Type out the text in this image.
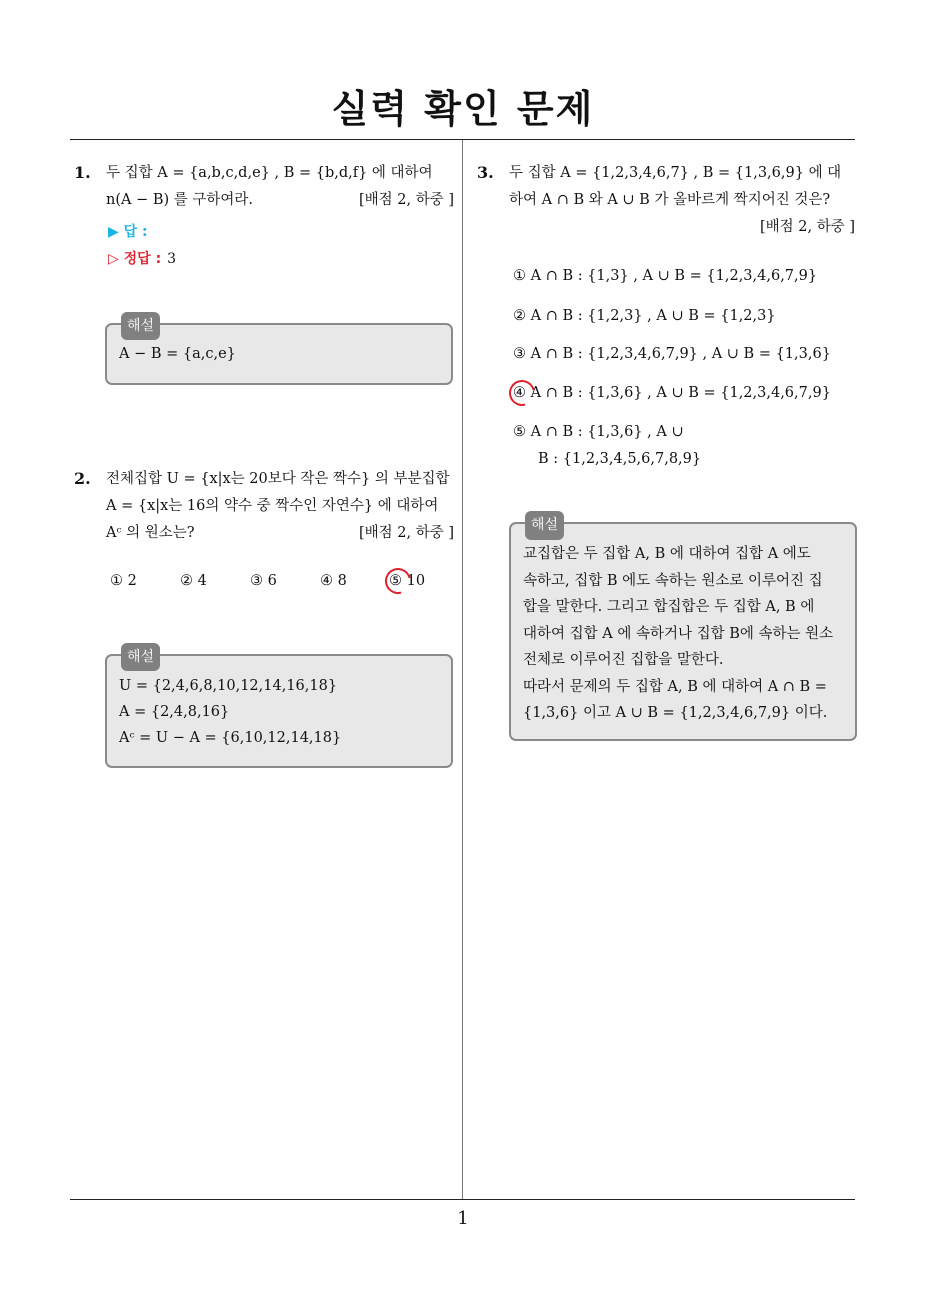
실력 확인 문제
1
1. 두 집합 A = {a,b,c,d,e} , B = {b,d,f} 에 대하여
n(A − B) 를 구하여라.	[배점 2, 하중 ]
▶ 답 :
▷ 정답 : 3
해설
A − B = {a,c,e}
2. 전체집합 U = {x|x는 20보다 작은 짝수} 의 부분집합
A = {x|x는 16의 약수 중 짝수인 자연수} 에 대하여
Aᶜ 의 원소는?	[배점 2, 하중 ]
① 2	② 4	③ 6	④ 8	⑤ 10
해설
U = {2,4,6,8,10,12,14,16,18}
A = {2,4,8,16}
Aᶜ = U − A = {6,10,12,14,18}
3. 두 집합 A = {1,2,3,4,6,7} , B = {1,3,6,9} 에 대
하여 A ∩ B 와 A ∪ B 가 올바르게 짝지어진 것은?
[배점 2, 하중 ]
① A ∩ B : {1,3} , A ∪ B = {1,2,3,4,6,7,9}
② A ∩ B : {1,2,3} , A ∪ B = {1,2,3}
③ A ∩ B : {1,2,3,4,6,7,9} , A ∪ B = {1,3,6}
④ A ∩ B : {1,3,6} , A ∪ B = {1,2,3,4,6,7,9}
⑤ A ∩ B : {1,3,6} , A ∪
B : {1,2,3,4,5,6,7,8,9}
해설
교집합은 두 집합 A, B 에 대하여 집합 A 에도
속하고, 집합 B 에도 속하는 원소로 이루어진 집
합을 말한다. 그리고 합집합은 두 집합 A, B 에
대하여 집합 A 에 속하거나 집합 B에 속하는 원소
전체로 이루어진 집합을 말한다.
따라서 문제의 두 집합 A, B 에 대하여 A ∩ B =
{1,3,6} 이고 A ∪ B = {1,2,3,4,6,7,9} 이다.
